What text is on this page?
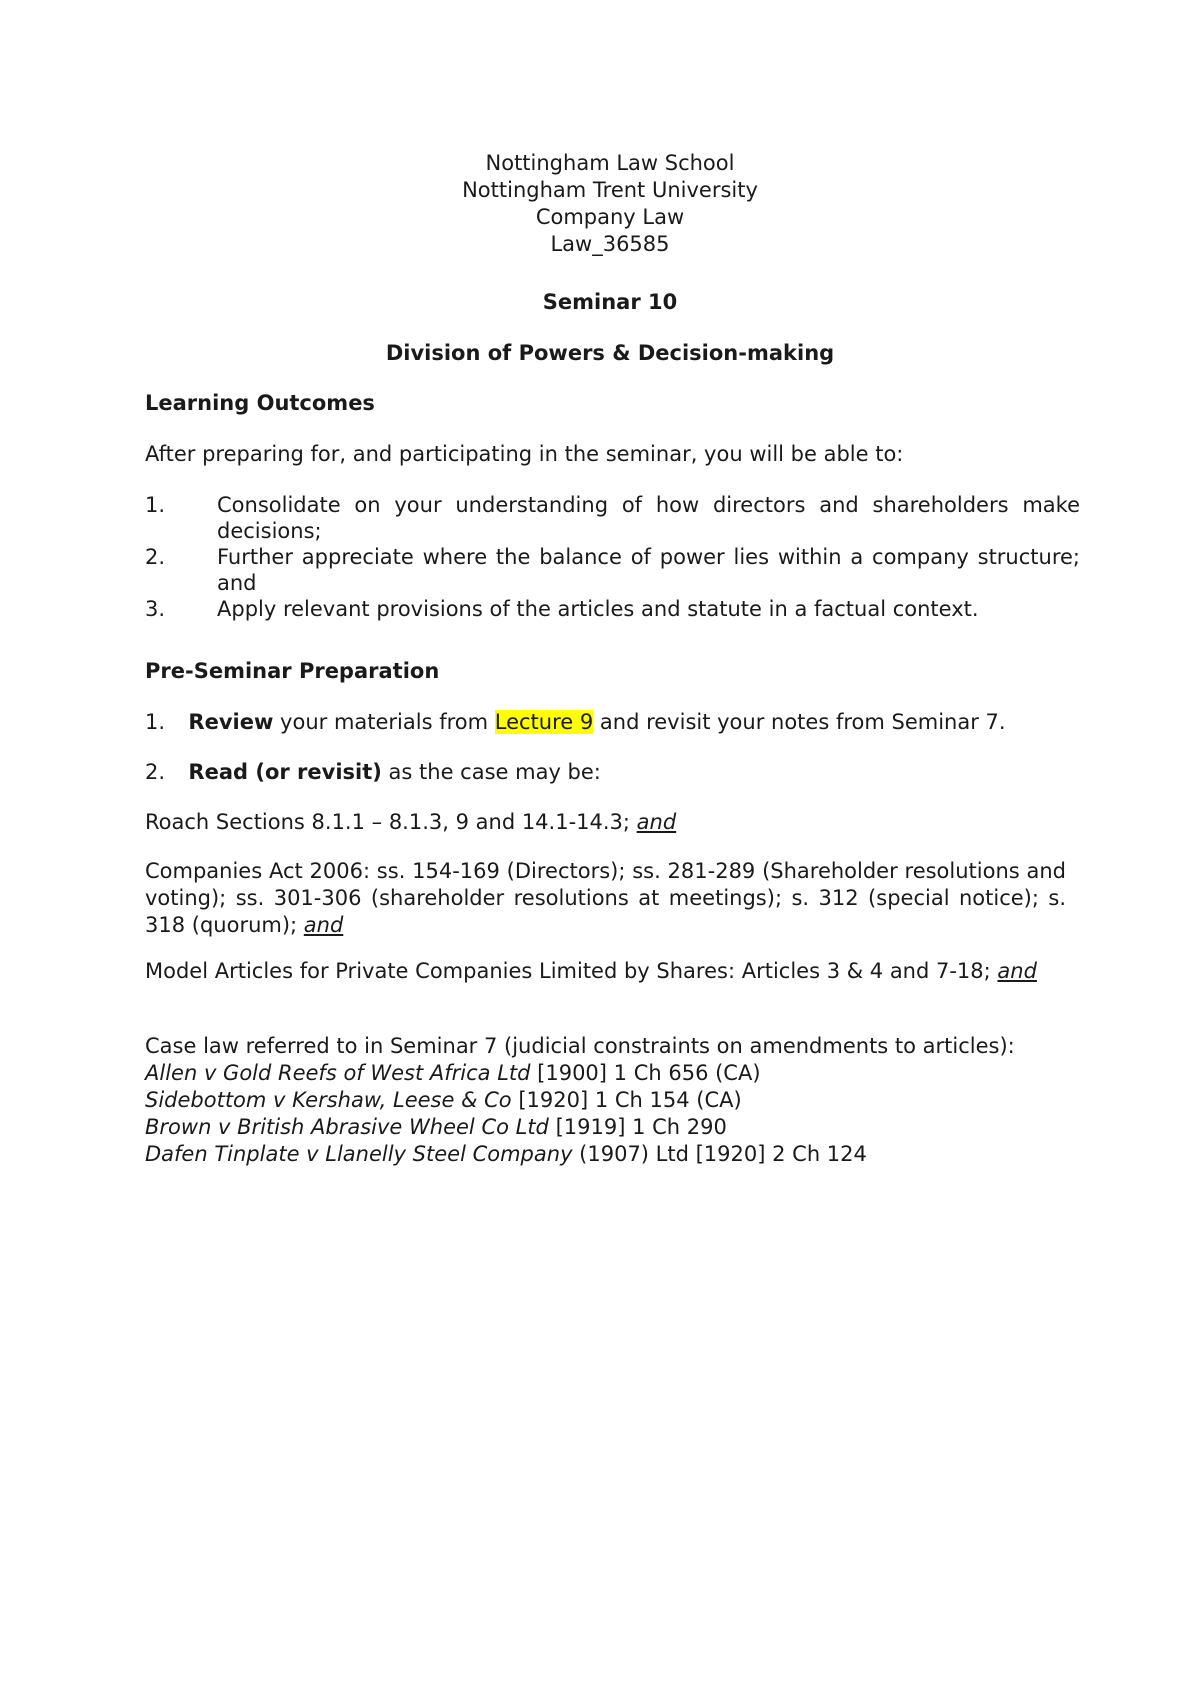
Nottingham Law School
Nottingham Trent University
Company Law
Law_36585
Seminar 10
Division of Powers & Decision-making
Learning Outcomes
After preparing for, and participating in the seminar, you will be able to:
1. Consolidate on your understanding of how directors and shareholders make decisions;
2. Further appreciate where the balance of power lies within a company structure; and
3. Apply relevant provisions of the articles and statute in a factual context.
Pre-Seminar Preparation
1. Review your materials from Lecture 9 and revisit your notes from Seminar 7.
2. Read (or revisit) as the case may be:
Roach Sections 8.1.1 – 8.1.3, 9 and 14.1-14.3; and
Companies Act 2006: ss. 154-169 (Directors); ss. 281-289 (Shareholder resolutions and voting); ss. 301-306 (shareholder resolutions at meetings); s. 312 (special notice); s. 318 (quorum); and
Model Articles for Private Companies Limited by Shares: Articles 3 & 4 and 7-18; and
Case law referred to in Seminar 7 (judicial constraints on amendments to articles):
Allen v Gold Reefs of West Africa Ltd [1900] 1 Ch 656 (CA)
Sidebottom v Kershaw, Leese & Co [1920] 1 Ch 154 (CA)
Brown v British Abrasive Wheel Co Ltd [1919] 1 Ch 290
Dafen Tinplate v Llanelly Steel Company (1907) Ltd [1920] 2 Ch 124
